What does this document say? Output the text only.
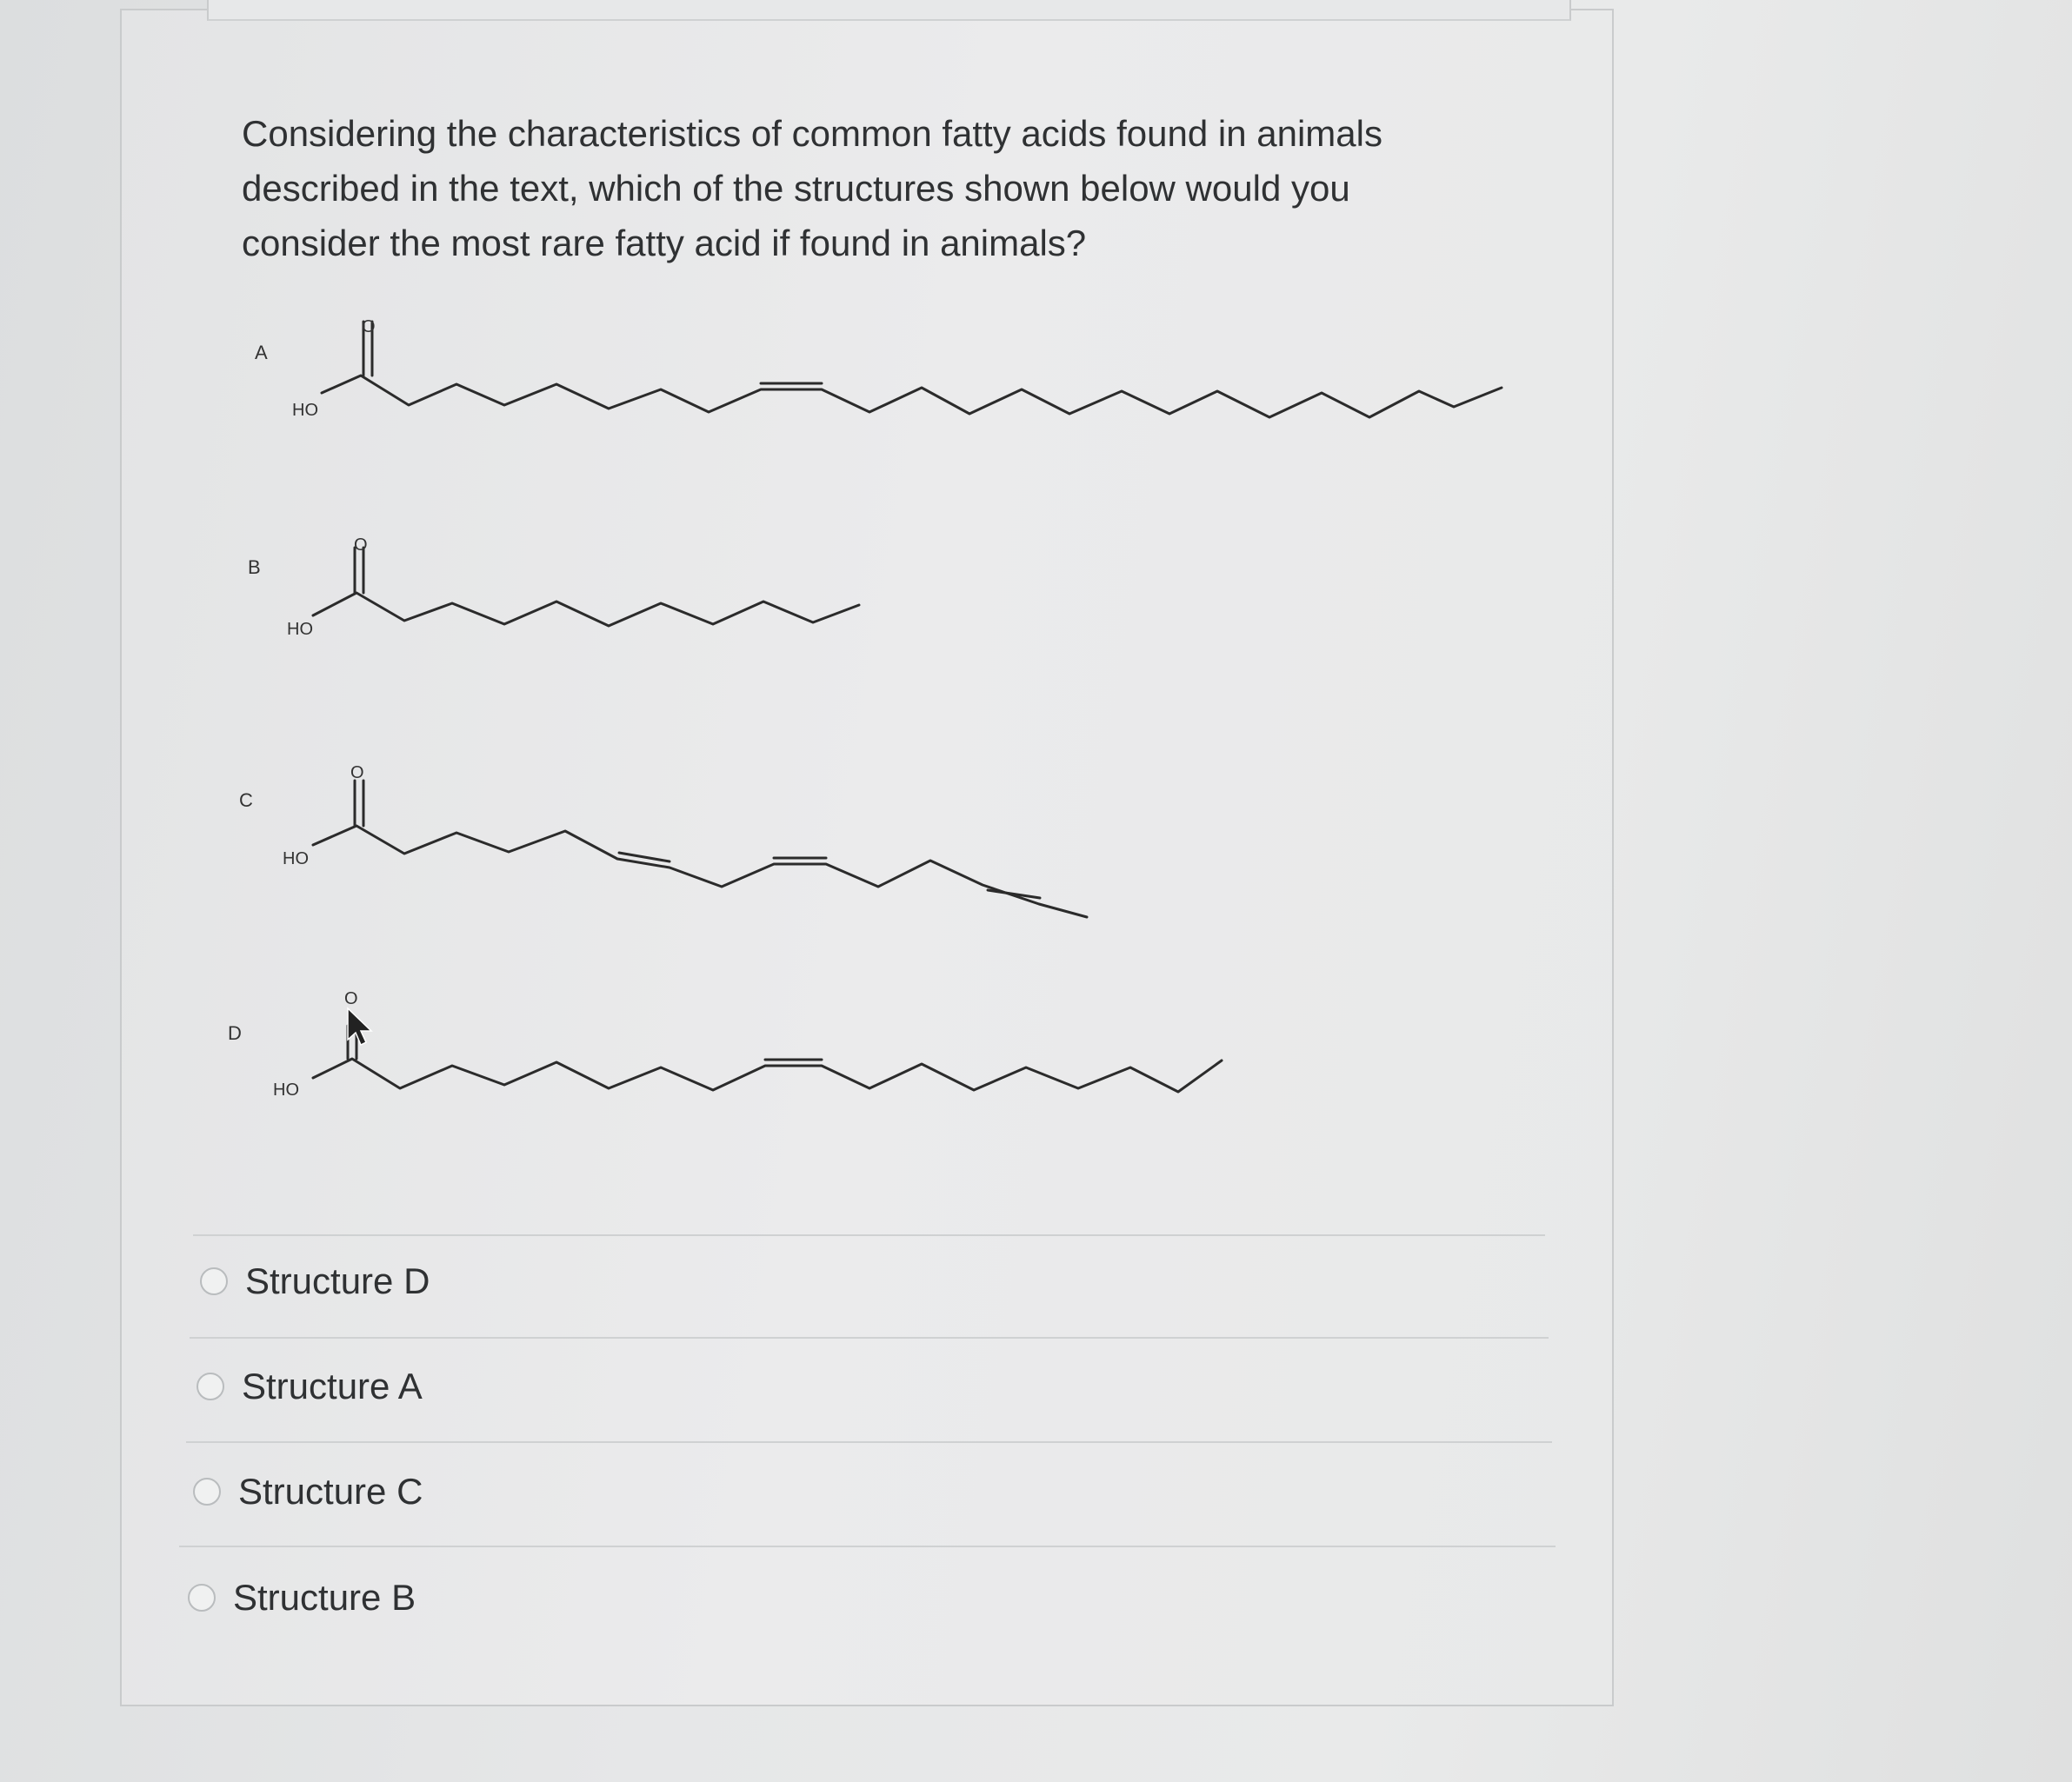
Considering the characteristics of common fatty acids found in animals described in the text, which of the structures shown below would you consider the most rare fatty acid if found in animals?

A
O
HO
B
O
HO
C
O
HO
D
O
HO
Structure D
Structure A
Structure C
Structure B
